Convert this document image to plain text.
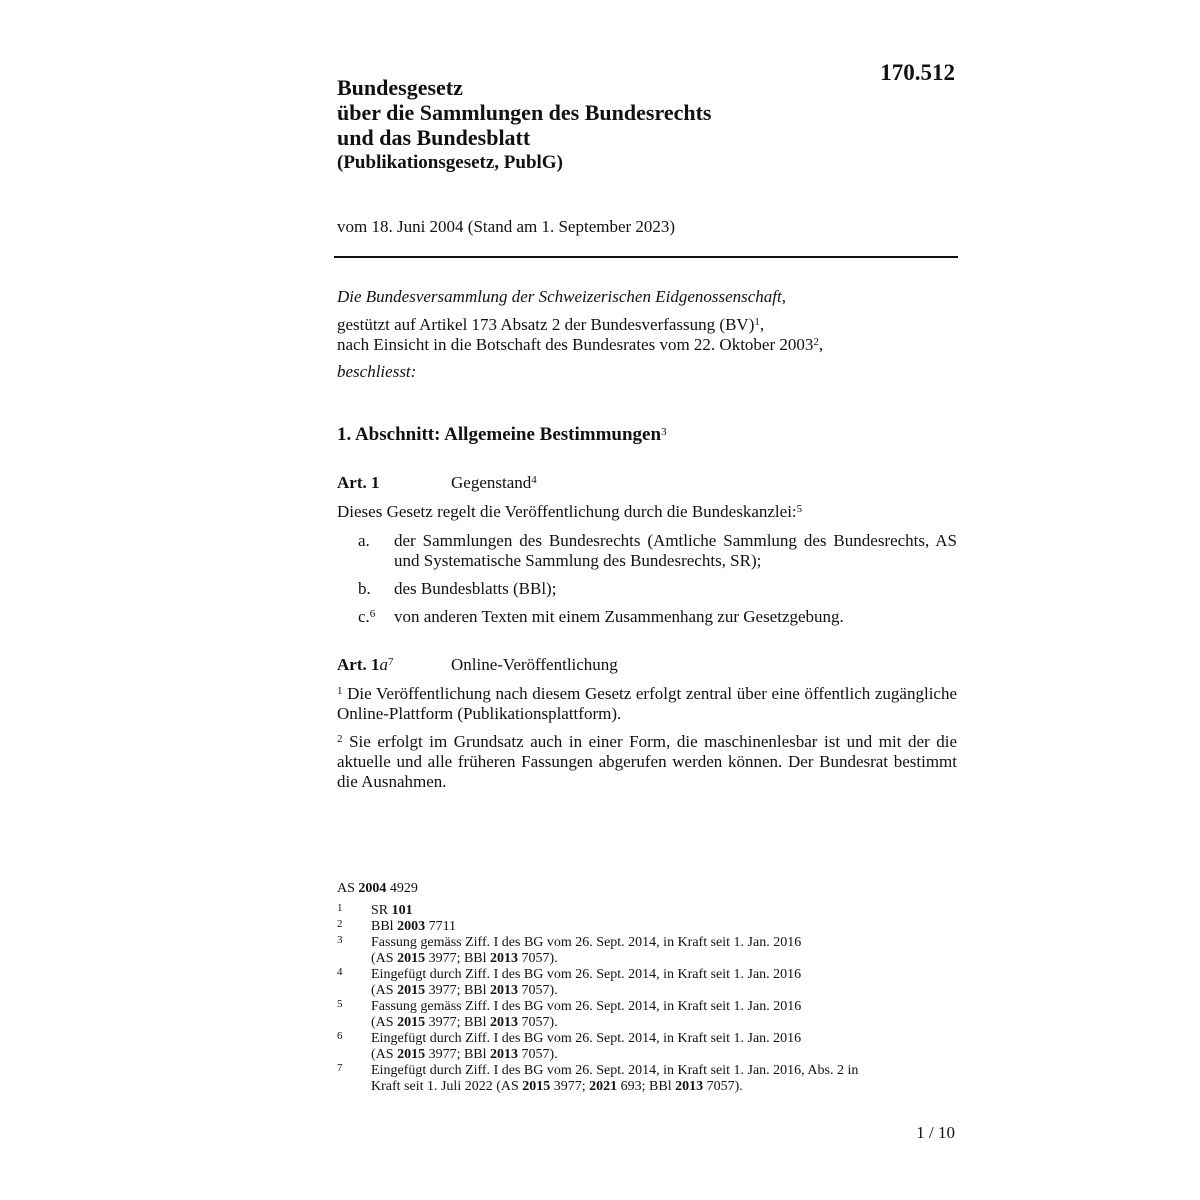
170.512
Bundesgesetz
über die Sammlungen des Bundesrechts
und das Bundesblatt
(Publikationsgesetz, PublG)
vom 18. Juni 2004 (Stand am 1. September 2023)
Die Bundesversammlung der Schweizerischen Eidgenossenschaft,
gestützt auf Artikel 173 Absatz 2 der Bundesverfassung (BV)$^1$,
nach Einsicht in die Botschaft des Bundesrates vom 22. Oktober 2003$^2$,
beschliesst:
1. Abschnitt: Allgemeine Bestimmungen$^3$
Art. 1	Gegenstand$^4$
Dieses Gesetz regelt die Veröffentlichung durch die Bundeskanzlei:$^5$
a. der Sammlungen des Bundesrechts (Amtliche Sammlung des Bundesrechts, AS und Systematische Sammlung des Bundesrechts, SR);
b. des Bundesblatts (BBl);
c.$^6$ von anderen Texten mit einem Zusammenhang zur Gesetzgebung.
Art. $1a^7$	Online-Veröffentlichung
$^1$ Die Veröffentlichung nach diesem Gesetz erfolgt zentral über eine öffentlich zugängliche Online-Plattform (Publikationsplattform).
$^2$ Sie erfolgt im Grundsatz auch in einer Form, die maschinenlesbar ist und mit der die aktuelle und alle früheren Fassungen abgerufen werden können. Der Bundesrat bestimmt die Ausnahmen.
AS 2004 4929
1 SR 101
2 BBl 2003 7711
3 Fassung gemäss Ziff. I des BG vom 26. Sept. 2014, in Kraft seit 1. Jan. 2016
(AS 2015 3977; BBl 2013 7057).
4 Eingefügt durch Ziff. I des BG vom 26. Sept. 2014, in Kraft seit 1. Jan. 2016
(AS 2015 3977; BBl 2013 7057).
5 Fassung gemäss Ziff. I des BG vom 26. Sept. 2014, in Kraft seit 1. Jan. 2016
(AS 2015 3977; BBl 2013 7057).
6 Eingefügt durch Ziff. I des BG vom 26. Sept. 2014, in Kraft seit 1. Jan. 2016
(AS 2015 3977; BBl 2013 7057).
7 Eingefügt durch Ziff. I des BG vom 26. Sept. 2014, in Kraft seit 1. Jan. 2016, Abs. 2 in
Kraft seit 1. Juli 2022 (AS 2015 3977; 2021 693; BBl 2013 7057).
1 / 10
